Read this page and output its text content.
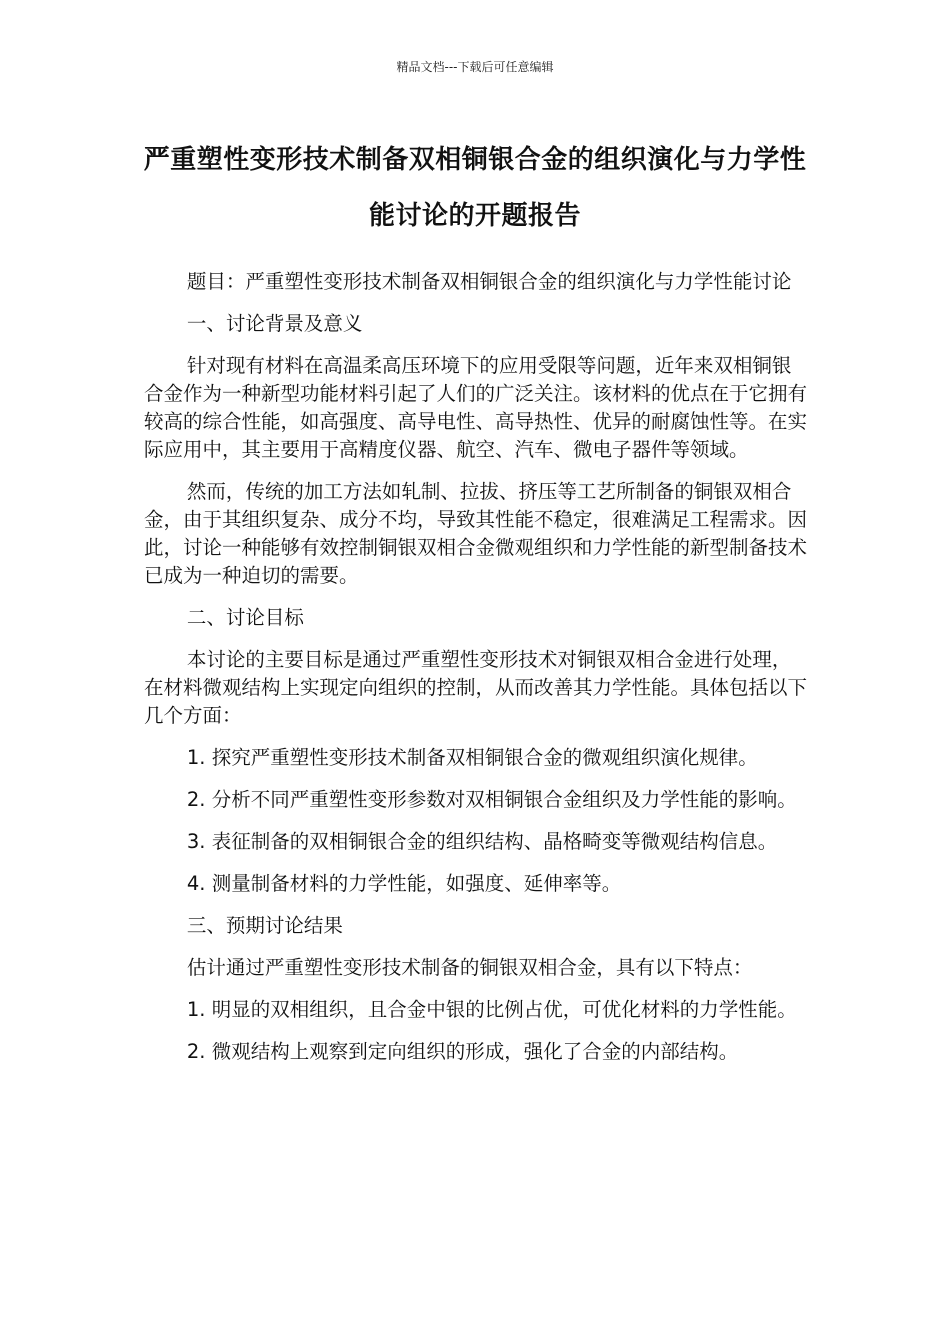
精品文档---下载后可任意编辑
严重塑性变形技术制备双相铜银合金的组织演化与力学性能讨论的开题报告

题目：严重塑性变形技术制备双相铜银合金的组织演化与力学性能讨论

一、讨论背景及意义

针对现有材料在高温柔高压环境下的应用受限等问题，近年来双相铜银合金作为一种新型功能材料引起了人们的广泛关注。该材料的优点在于它拥有较高的综合性能，如高强度、高导电性、高导热性、优异的耐腐蚀性等。在实际应用中，其主要用于高精度仪器、航空、汽车、微电子器件等领域。

然而，传统的加工方法如轧制、拉拔、挤压等工艺所制备的铜银双相合金，由于其组织复杂、成分不均，导致其性能不稳定，很难满足工程需求。因此，讨论一种能够有效控制铜银双相合金微观组织和力学性能的新型制备技术已成为一种迫切的需要。

二、讨论目标

本讨论的主要目标是通过严重塑性变形技术对铜银双相合金进行处理，在材料微观结构上实现定向组织的控制，从而改善其力学性能。具体包括以下几个方面：

1. 探究严重塑性变形技术制备双相铜银合金的微观组织演化规律。

2. 分析不同严重塑性变形参数对双相铜银合金组织及力学性能的影响。

3. 表征制备的双相铜银合金的组织结构、晶格畸变等微观结构信息。

4. 测量制备材料的力学性能，如强度、延伸率等。

三、预期讨论结果

估计通过严重塑性变形技术制备的铜银双相合金，具有以下特点：

1. 明显的双相组织，且合金中银的比例占优，可优化材料的力学性能。

2. 微观结构上观察到定向组织的形成，强化了合金的内部结构。
